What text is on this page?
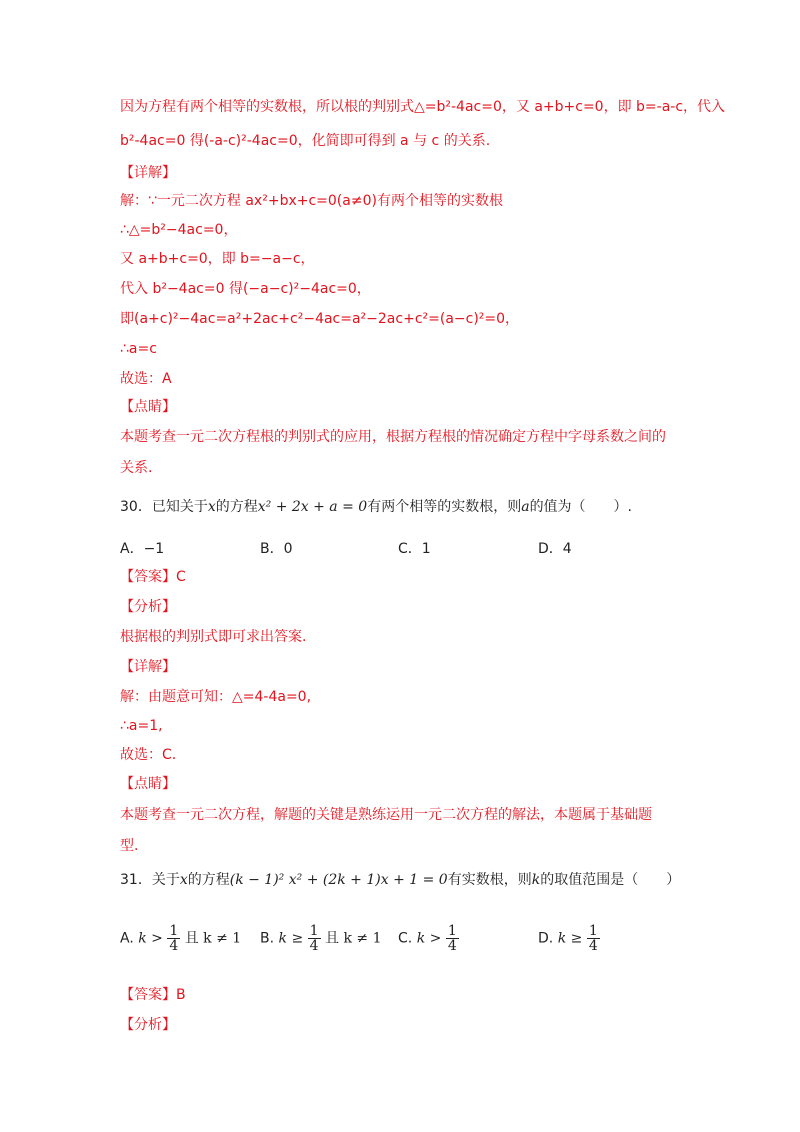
因为方程有两个相等的实数根，所以根的判别式△=b²-4ac=0，又 a+b+c=0，即 b=-a-c，代入
b²-4ac=0 得(-a-c)²-4ac=0，化简即可得到 a 与 c 的关系.
【详解】
解：∵一元二次方程 ax²+bx+c=0(a≠0)有两个相等的实数根
∴△=b²−4ac=0，
又 a+b+c=0，即 b=−a−c，
代入 b²−4ac=0 得(−a−c)²−4ac=0，
即(a+c)²−4ac=a²+2ac+c²−4ac=a²−2ac+c²=(a−c)²=0，
∴a=c
故选：A
【点睛】
本题考查一元二次方程根的判别式的应用，根据方程根的情况确定方程中字母系数之间的
关系.
30．已知关于x的方程x² + 2x + a = 0有两个相等的实数根，则a的值为（　　）.
A．−1	B．0	C．1	D．4
【答案】C
【分析】
根据根的判别式即可求出答案.
【详解】
解：由题意可知：△=4-4a=0,
∴a=1,
故选：C.
【点睛】
本题考查一元二次方程，解题的关键是熟练运用一元二次方程的解法，本题属于基础题
型.
31．关于x的方程(k − 1)² x² + (2k + 1)x + 1 = 0有实数根，则k的取值范围是（　　）
A. $k > \frac{1}{4}$ 且 k ≠ 1 B. $k \ge \frac{1}{4}$ 且 k ≠ 1 C. $k > \frac{1}{4}$	D. $k \ge \frac{1}{4}$
【答案】B
【分析】
